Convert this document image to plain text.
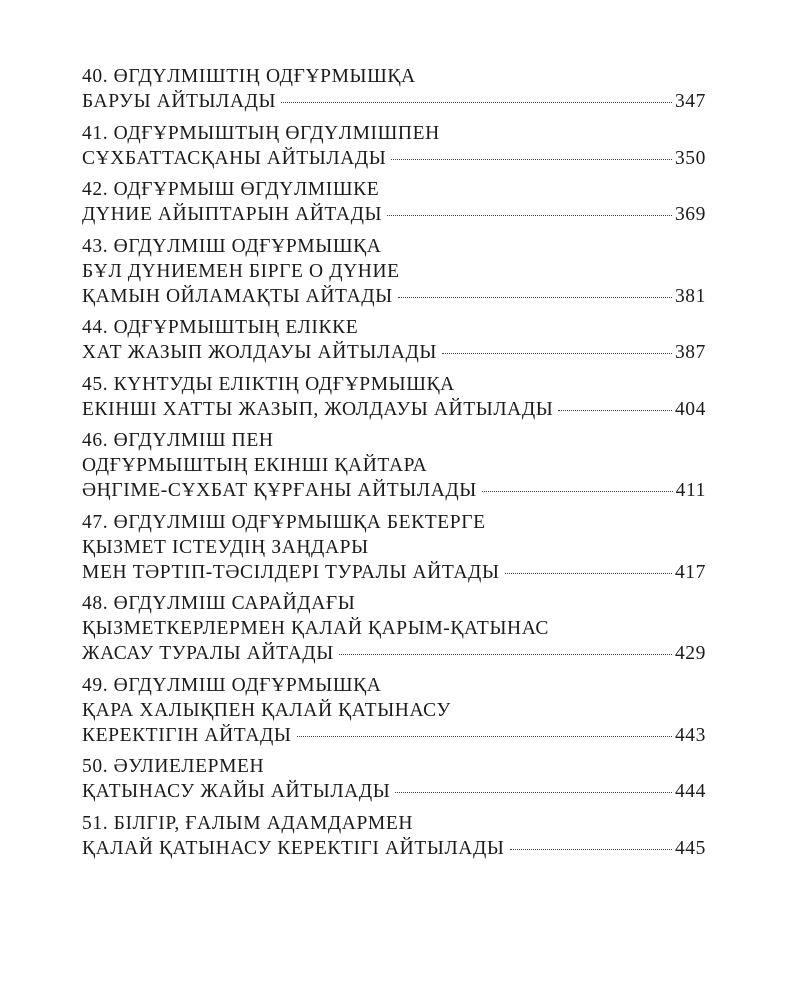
40. ӨГДҮЛМІШТІҢ ОДҒҰРМЫШҚА
БАРУЫ АЙТЫЛАДЫ	347
41. ОДҒҰРМЫШТЫҢ ӨГДҮЛМІШПЕН
СҰХБАТТАСҚАНЫ АЙТЫЛАДЫ	350
42. ОДҒҰРМЫШ ӨГДҮЛМІШКЕ
ДҮНИЕ АЙЫПТАРЫН АЙТАДЫ	369
43. ӨГДҮЛМІШ ОДҒҰРМЫШҚА
БҰЛ ДҮНИЕМЕН БІРГЕ О ДҮНИЕ
ҚАМЫН ОЙЛАМАҚТЫ АЙТАДЫ	381
44. ОДҒҰРМЫШТЫҢ ЕЛІККЕ
ХАТ ЖАЗЫП ЖОЛДАУЫ АЙТЫЛАДЫ	387
45. КҮНТУДЫ ЕЛІКТІҢ ОДҒҰРМЫШҚА
ЕКІНШІ ХАТТЫ ЖАЗЫП, ЖОЛДАУЫ АЙТЫЛАДЫ	404
46. ӨГДҮЛМІШ ПЕН
ОДҒҰРМЫШТЫҢ ЕКІНШІ ҚАЙТАРА
ӘҢГІМЕ-СҰХБАТ ҚҰРҒАНЫ АЙТЫЛАДЫ	411
47. ӨГДҮЛМІШ ОДҒҰРМЫШҚА БЕКТЕРГЕ
ҚЫЗМЕТ ІСТЕУДІҢ ЗАҢДАРЫ
МЕН ТӘРТІП-ТӘСІЛДЕРІ ТУРАЛЫ АЙТАДЫ	417
48. ӨГДҮЛМІШ САРАЙДАҒЫ
ҚЫЗМЕТКЕРЛЕРМЕН ҚАЛАЙ ҚАРЫМ-ҚАТЫНАС
ЖАСАУ ТУРАЛЫ АЙТАДЫ	429
49. ӨГДҮЛМІШ ОДҒҰРМЫШҚА
ҚАРА ХАЛЫҚПЕН ҚАЛАЙ ҚАТЫНАСУ
КЕРЕКТІГІН АЙТАДЫ	443
50. ӘУЛИЕЛЕРМЕН
ҚАТЫНАСУ ЖАЙЫ АЙТЫЛАДЫ	444
51. БІЛГІР, ҒАЛЫМ АДАМДАРМЕН
ҚАЛАЙ ҚАТЫНАСУ КЕРЕКТІГІ АЙТЫЛАДЫ	445
